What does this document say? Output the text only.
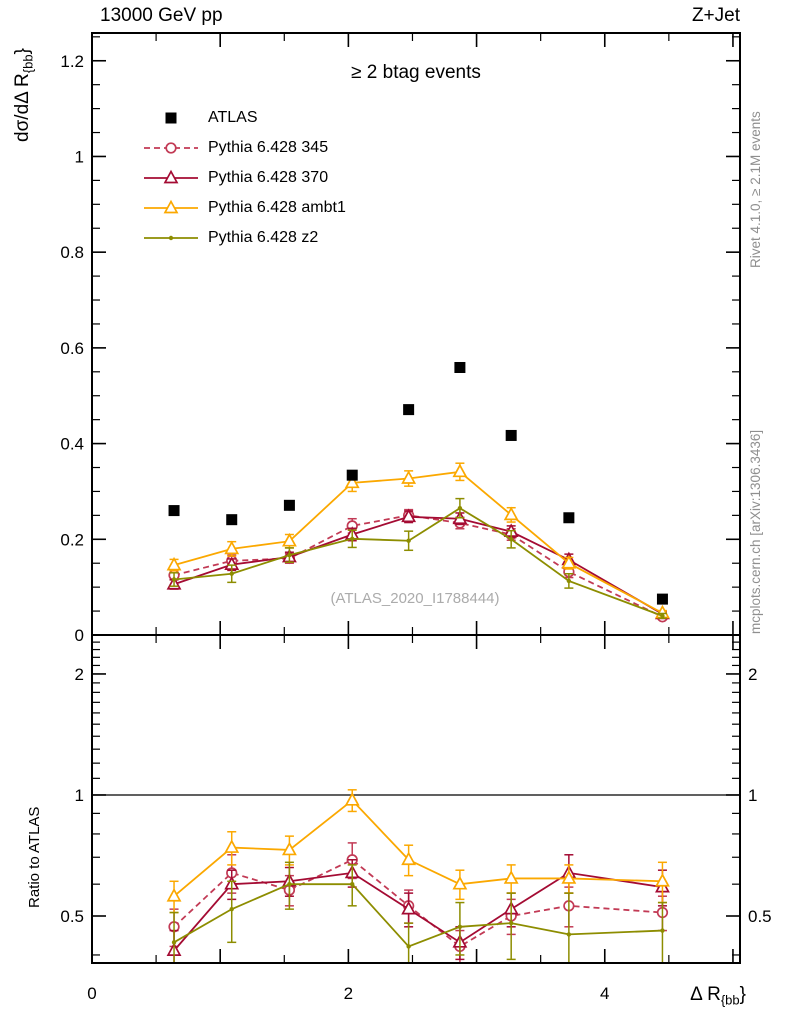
13000 GeV pp	Z+Jet
≥ 2 btag events
dσ/dΔ $R_{\{bb}$}
Ratio to ATLAS
Rivet 4.1.0, ≥ 2.1M events
mcplots.cern.ch [arXiv:1306.3436]
(ATLAS_2020_I1788444)
Δ $R_{\{bb}$}
ATLAS
Pythia 6.428 345
Pythia 6.428 370
Pythia 6.428 ambt1
Pythia 6.428 z2
0
0.2
0.4
0.6
0.8
1
1.2
0.5	0.5
1	1
2	2
0	2	4
